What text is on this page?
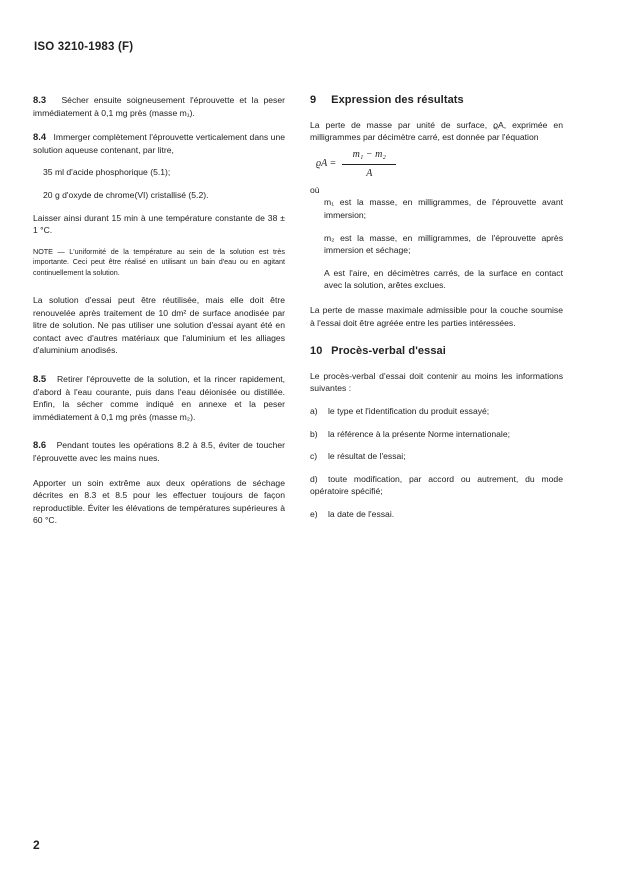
ISO 3210-1983 (F)

8.3 Sécher ensuite soigneusement l'éprouvette et la peser immédiatement à 0,1 mg près (masse m₁).

8.4 Immerger complètement l'éprouvette verticalement dans une solution aqueuse contenant, par litre,

35 ml d'acide phosphorique (5.1);

20 g d'oxyde de chrome(VI) cristallisé (5.2).

Laisser ainsi durant 15 min à une température constante de 38 ± 1 °C.

NOTE — L'uniformité de la température au sein de la solution est très importante. Ceci peut être réalisé en utilisant un bain d'eau ou en agitant continuellement la solution.

La solution d'essai peut être réutilisée, mais elle doit être renouvelée après traitement de 10 dm² de surface anodisée par litre de solution. Ne pas utiliser une solution d'essai ayant été en contact avec d'autres matériaux que l'aluminium et les alliages d'aluminium anodisés.

8.5 Retirer l'éprouvette de la solution, et la rincer rapidement, d'abord à l'eau courante, puis dans l'eau déionisée ou distillée. Enfin, la sécher comme indiqué en annexe et la peser immédiatement à 0,1 mg près (masse m₂).

8.6 Pendant toutes les opérations 8.2 à 8.5, éviter de toucher l'éprouvette avec les mains nues.

Apporter un soin extrême aux deux opérations de séchage décrites en 8.3 et 8.5 pour les effectuer toujours de façon reproductible. Éviter les élévations de températures supérieures à 60 °C.

9 Expression des résultats

La perte de masse par unité de surface, ϱA, exprimée en milligrammes par décimètre carré, est donnée par l'équation

$ϱA = \frac{\text{m₁ − m₂}}{A}$

où

m₁ est la masse, en milligrammes, de l'éprouvette avant immersion;

m₂ est la masse, en milligrammes, de l'éprouvette après immersion et séchage;

A est l'aire, en décimètres carrés, de la surface en contact avec la solution, arêtes exclues.

La perte de masse maximale admissible pour la couche soumise à l'essai doit être agréée entre les parties intéressées.

10 Procès-verbal d'essai

Le procès-verbal d'essai doit contenir au moins les informations suivantes :

a) le type et l'identification du produit essayé;

b) la référence à la présente Norme internationale;

c) le résultat de l'essai;

d) toute modification, par accord ou autrement, du mode opératoire spécifié;

e) la date de l'essai.

2
